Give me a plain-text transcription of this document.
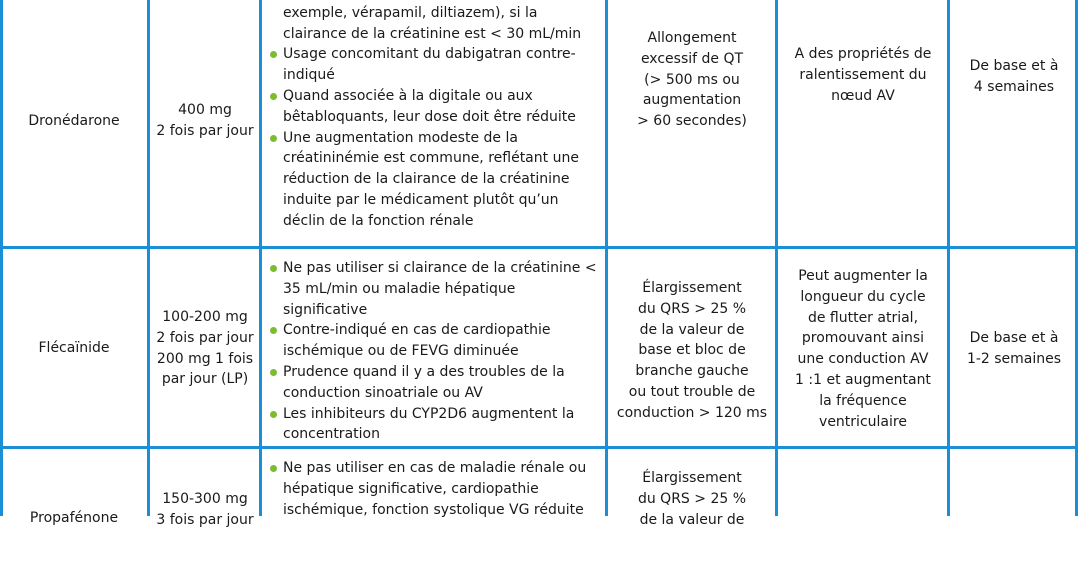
Dronédarone
400 mg
2 fois par jour
exemple, vérapamil, diltiazem), si la clairance de la créatinine est < 30 mL/min
Usage concomitant du dabigatran contre-indiqué
Quand associée à la digitale ou aux bêtabloquants, leur dose doit être réduite
Une augmentation modeste de la créatininémie est commune, reflétant une réduction de la clairance de la créatinine induite par le médicament plutôt qu’un déclin de la fonction rénale
Allongement
excessif de QT
(> 500 ms ou
augmentation
> 60 secondes)
A des propriétés de
ralentissement du
nœud AV
De base et à
4 semaines
Flécaïnide
100-200 mg
2 fois par jour
200 mg 1 fois
par jour (LP)
Ne pas utiliser si clairance de la créatinine < 35 mL/min ou maladie hépatique significative
Contre-indiqué en cas de cardiopathie ischémique ou de FEVG diminuée
Prudence quand il y a des troubles de la conduction sinoatriale ou AV
Les inhibiteurs du CYP2D6 augmentent la concentration
Élargissement
du QRS > 25 %
de la valeur de
base et bloc de
branche gauche
ou tout trouble de
conduction > 120 ms
Peut augmenter la
longueur du cycle
de flutter atrial,
promouvant ainsi
une conduction AV
1 :1 et augmentant
la fréquence
ventriculaire
De base et à
1-2 semaines
Propafénone
150-300 mg
3 fois par jour
Ne pas utiliser en cas de maladie rénale ou hépatique significative, cardiopathie ischémique, fonction systolique VG réduite
Élargissement
du QRS > 25 %
de la valeur de
